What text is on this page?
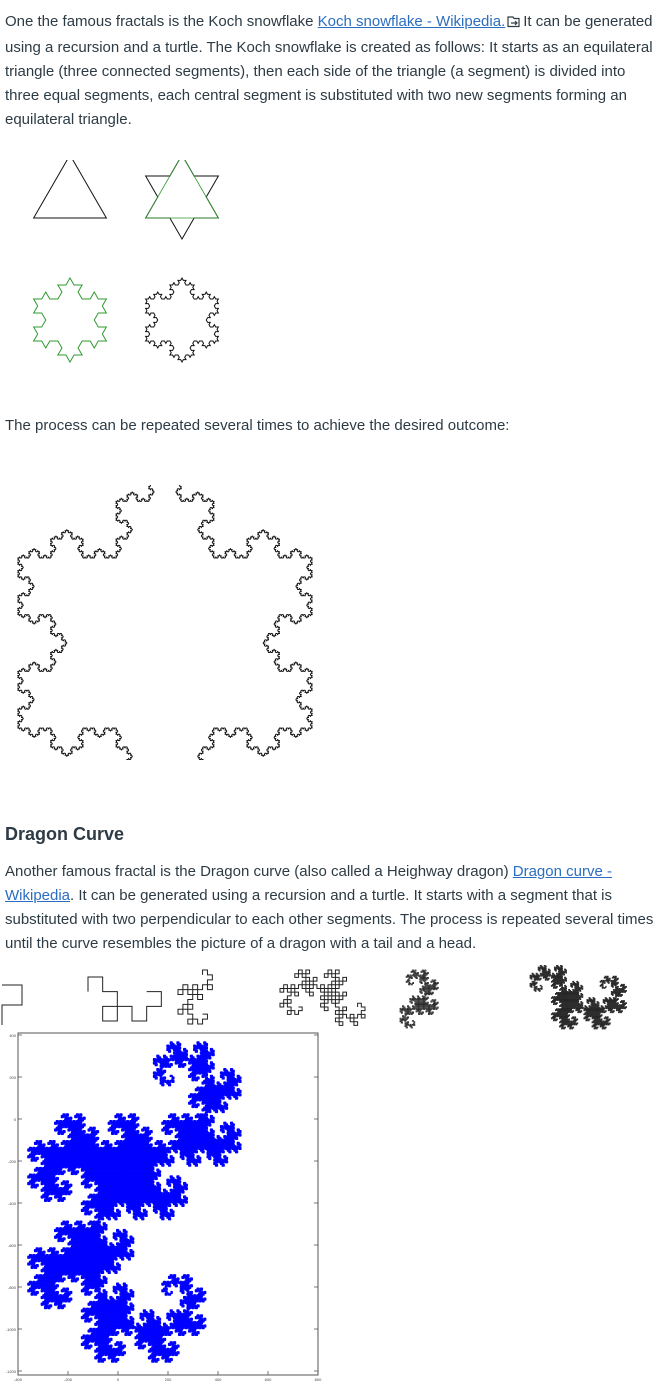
One the famous fractals is the Koch snowflake Koch snowflake - Wikipedia. It can be generated using a recursion and a turtle. The Koch snowflake is created as follows: It starts as an equilateral triangle (three connected segments), then each side of the triangle (a segment) is divided into three equal segments, each central segment is substituted with two new segments forming an equilateral triangle.

The process can be repeated several times to achieve the desired outcome:

Dragon Curve

Another famous fractal is the Dragon curve (also called a Heighway dragon) Dragon curve - Wikipedia. It can be generated using a recursion and a turtle. It starts with a segment that is substituted with two perpendicular to each other segments. The process is repeated several times until the curve resembles the picture of a dragon with a tail and a head.

400
200
0
-200
-400
-600
-800
-1000
-1200
-400	-200	0	200	400	600	800
